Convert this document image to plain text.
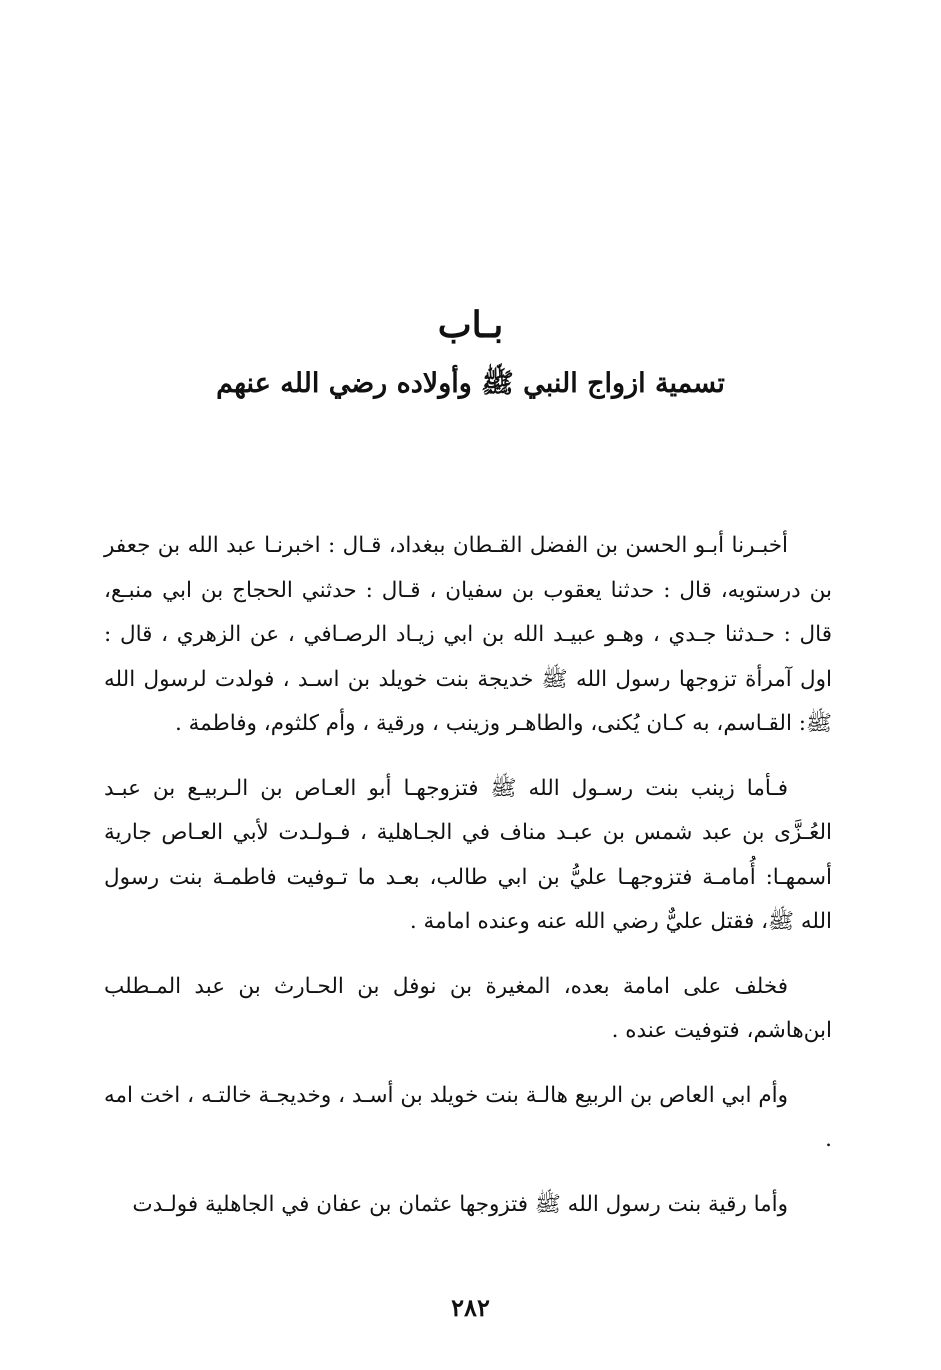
بـاب
تسمية ازواج النبي ﷺ وأولاده رضي الله عنهم

أخبـرنا أبـو الحسن بن الفضل القـطان ببغداد، قـال : اخبرنـا عبد الله بن جعفر بن درستويه، قال : حدثنا يعقوب بن سفيان ، قـال : حدثني الحجاج بن ابي منبـع، قال : حـدثنا جـدي ، وهـو عبيـد الله بن ابي زيـاد الرصـافي ، عن الزهري ، قال : اول آمرأة تزوجها رسول الله ﷺ خديجة بنت خويلد بن اسـد ، فولدت لرسول الله ﷺ: القـاسم، به كـان يُكنى، والطاهـر وزينب ، ورقية ، وأم كلثوم، وفاطمة .

فـأما زينب بنت رسـول الله ﷺ فتزوجهـا أبو العـاص بن الـربيـع بن عبـد العُـزَّى بن عبد شمس بن عبـد مناف في الجـاهلية ، فـولـدت لأبي العـاص جارية أسمهـا: أُمامـة فتزوجهـا عليُّ بن ابي طالب، بعـد ما تـوفيت فاطمـة بنت رسول الله ﷺ، فقتل عليٌّ رضي الله عنه وعنده امامة .

فخلف على امامة بعده، المغيرة بن نوفل بن الحـارث بن عبد المـطلب ابن‌هاشم، فتوفيت عنده .

وأم ابي العاص بن الربيع هالـة بنت خويلد بن أسـد ، وخديجـة خالتـه ، اخت امه .

وأما رقية بنت رسول الله ﷺ فتزوجها عثمان بن عفان في الجاهلية فولـدت

٢٨٢
